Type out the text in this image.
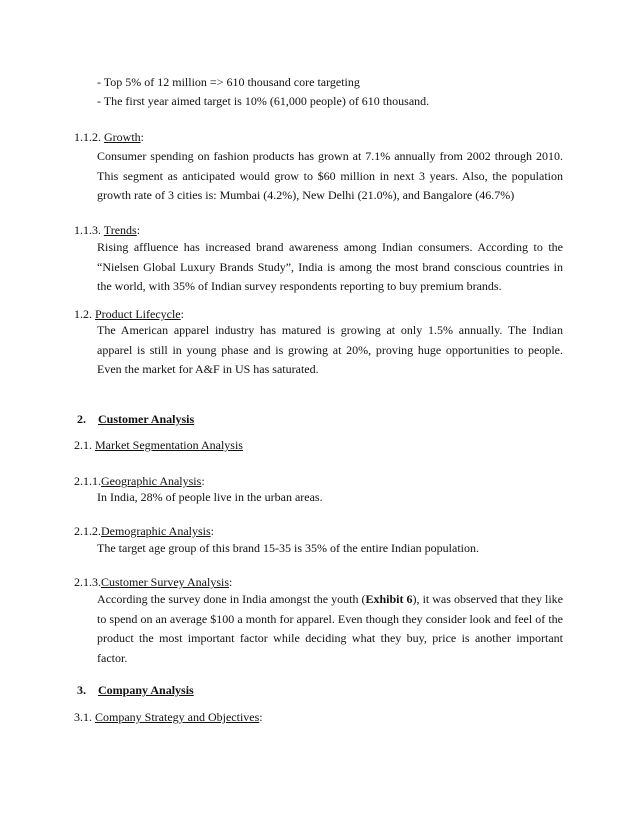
- Top 5% of 12 million => 610 thousand core targeting
- The first year aimed target is 10% (61,000 people) of 610 thousand.
1.1.2. Growth:
Consumer spending on fashion products has grown at 7.1% annually from 2002 through 2010. This segment as anticipated would grow to $60 million in next 3 years. Also, the population growth rate of 3 cities is: Mumbai (4.2%), New Delhi (21.0%), and Bangalore (46.7%)
1.1.3. Trends:
Rising affluence has increased brand awareness among Indian consumers. According to the “Nielsen Global Luxury Brands Study”, India is among the most brand conscious countries in the world, with 35% of Indian survey respondents reporting to buy premium brands.
1.2. Product Lifecycle:
The American apparel industry has matured is growing at only 1.5% annually. The Indian apparel is still in young phase and is growing at 20%, proving huge opportunities to people. Even the market for A&F in US has saturated.
2. Customer Analysis
2.1. Market Segmentation Analysis
2.1.1.Geographic Analysis:
In India, 28% of people live in the urban areas.
2.1.2.Demographic Analysis:
The target age group of this brand 15-35 is 35% of the entire Indian population.
2.1.3.Customer Survey Analysis:
According the survey done in India amongst the youth (Exhibit 6), it was observed that they like to spend on an average $100 a month for apparel. Even though they consider look and feel of the product the most important factor while deciding what they buy, price is another important factor.
3. Company Analysis
3.1. Company Strategy and Objectives:
